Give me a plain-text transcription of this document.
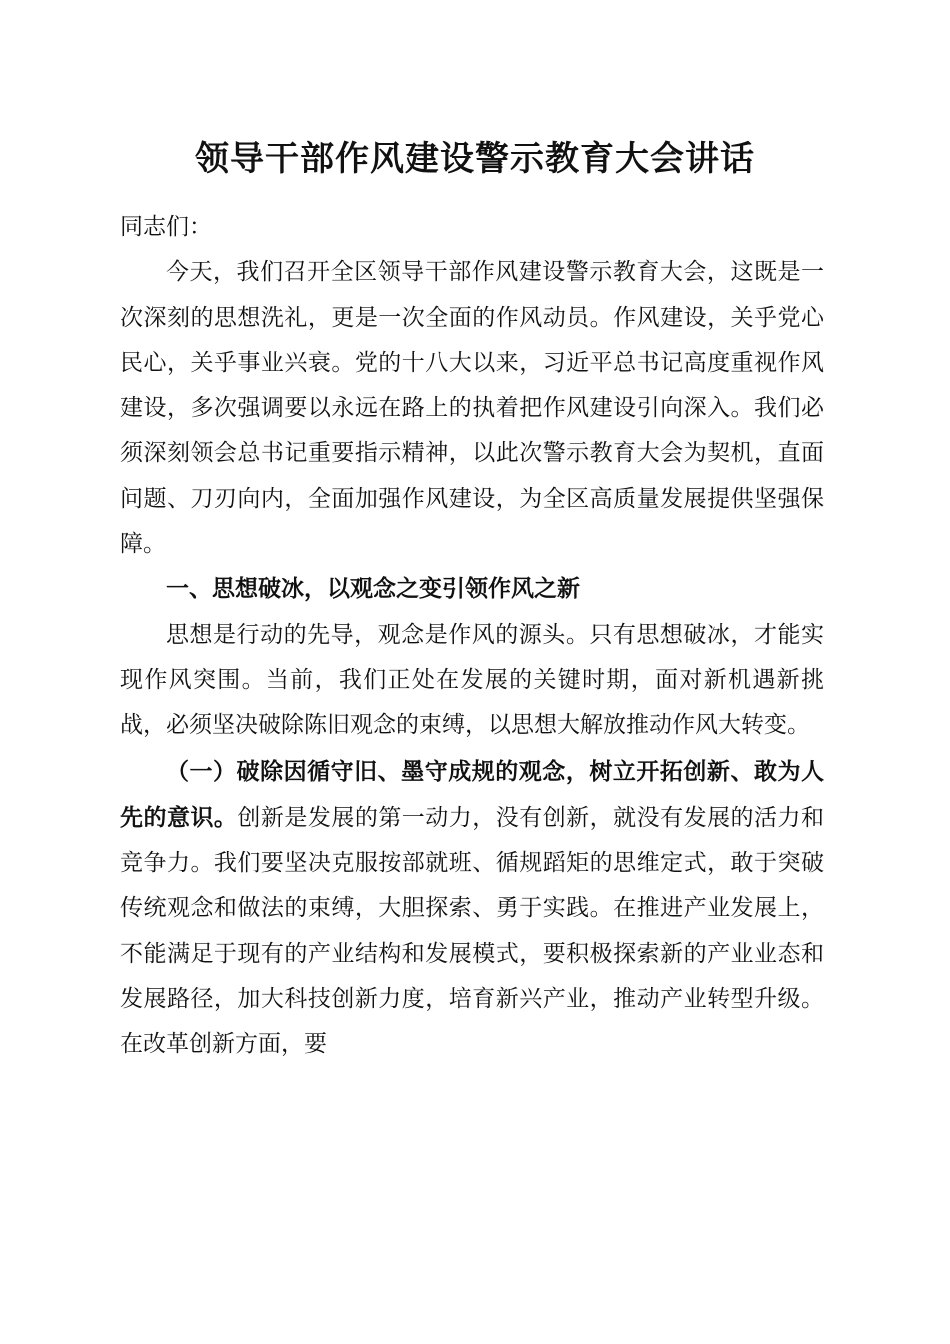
领导干部作风建设警示教育大会讲话

同志们：

今天，我们召开全区领导干部作风建设警示教育大会，这既是一次深刻的思想洗礼，更是一次全面的作风动员。作风建设，关乎党心民心，关乎事业兴衰。党的十八大以来，习近平总书记高度重视作风建设，多次强调要以永远在路上的执着把作风建设引向深入。我们必须深刻领会总书记重要指示精神，以此次警示教育大会为契机，直面问题、刀刃向内，全面加强作风建设，为全区高质量发展提供坚强保障。

一、思想破冰，以观念之变引领作风之新

思想是行动的先导，观念是作风的源头。只有思想破冰，才能实现作风突围。当前，我们正处在发展的关键时期，面对新机遇新挑战，必须坚决破除陈旧观念的束缚，以思想大解放推动作风大转变。

（一）破除因循守旧、墨守成规的观念，树立开拓创新、敢为人先的意识。创新是发展的第一动力，没有创新，就没有发展的活力和竞争力。我们要坚决克服按部就班、循规蹈矩的思维定式，敢于突破传统观念和做法的束缚，大胆探索、勇于实践。在推进产业发展上，不能满足于现有的产业结构和发展模式，要积极探索新的产业业态和发展路径，加大科技创新力度，培育新兴产业，推动产业转型升级。在改革创新方面，要
